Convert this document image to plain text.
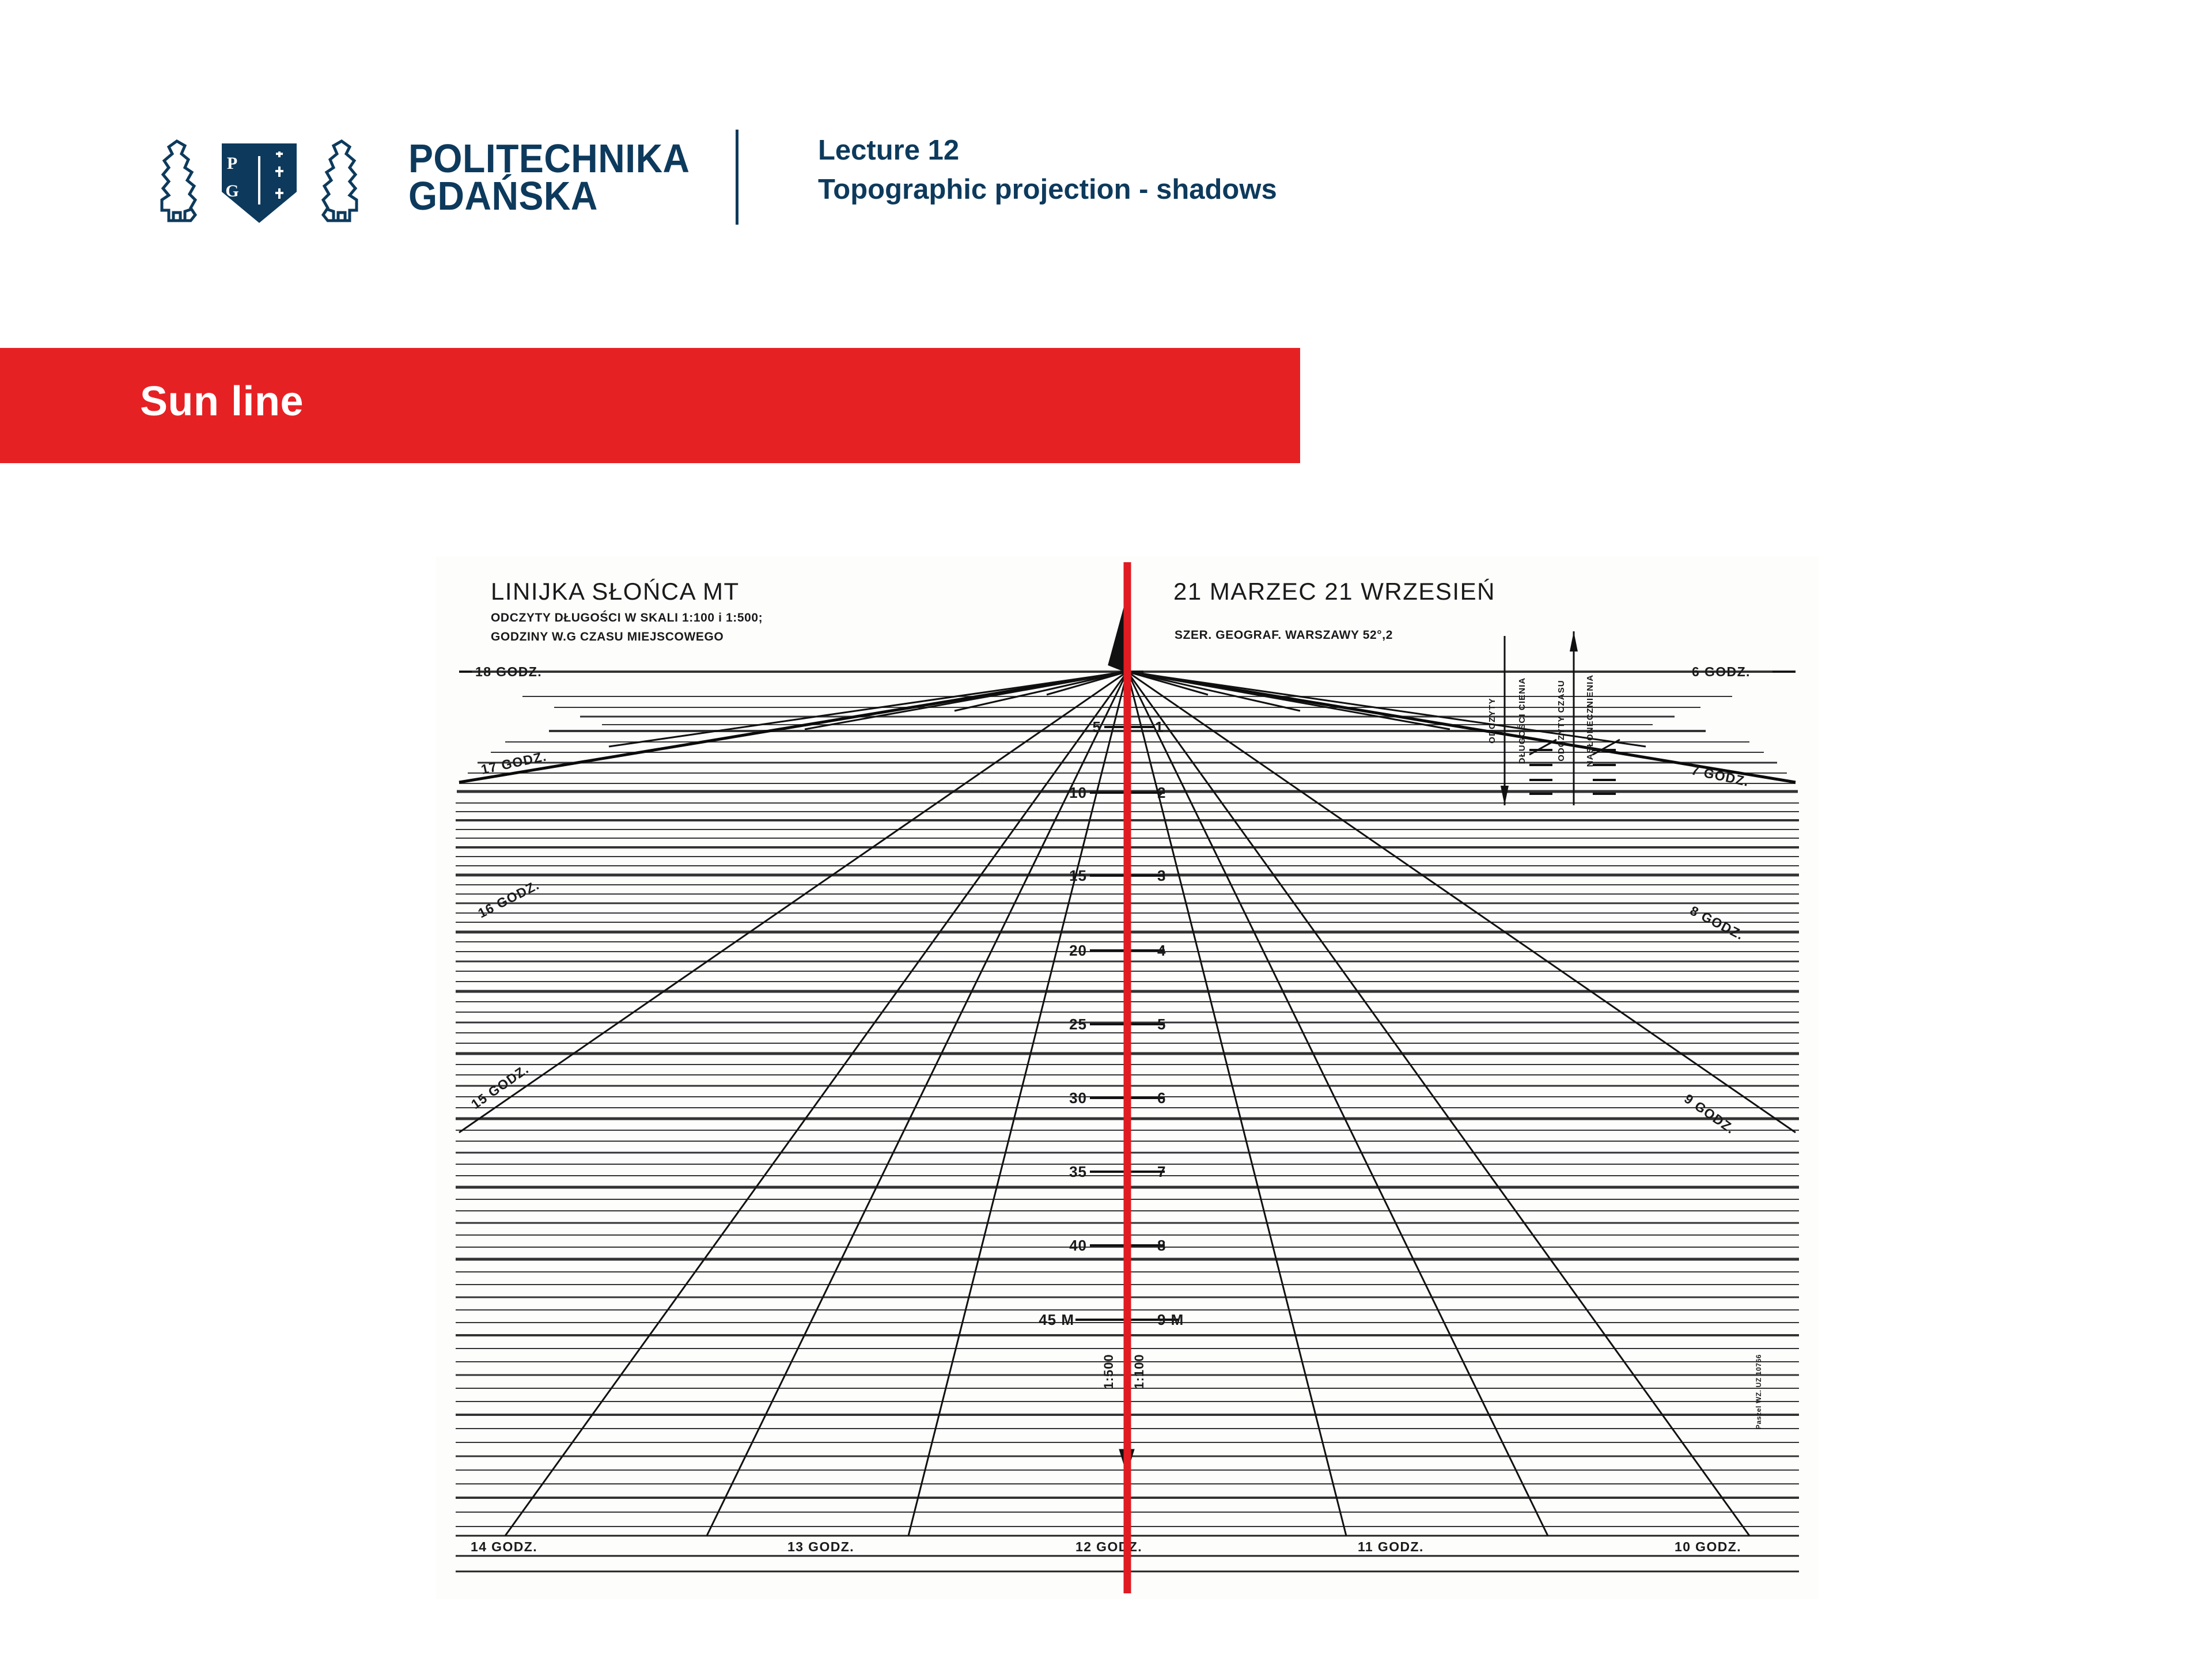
P
G
POLITECHNIKA
GDAŃSKA
Lecture 12
Topographic projection - shadows
Sun line
5	1
10	2
15	3
20	4
25	5
30	6
35	7
40	8
45 M	9 M
1:500 1:100
LINIJKA SŁOŃCA MT
ODCZYTY DŁUGOŚCI W SKALI 1:100 i 1:500;
GODZINY W.G CZASU MIEJSCOWEGO
21 MARZEC 21 WRZESIEŃ
SZER. GEOGRAF. WARSZAWY 52°,2
18 GODZ.
17 GODZ.
16 GODZ.
15 GODZ.
6 GODZ.
7 GODZ.
8 GODZ.
9 GODZ.
14 GODZ.	13 GODZ.	12 GODZ.	11 GODZ.	10 GODZ.
ODCZYTY DŁUGOŚCI CIENIA	ODCZYTY CZASU NASŁONECZNIENIA
Paszel WZ. UZ 10766
